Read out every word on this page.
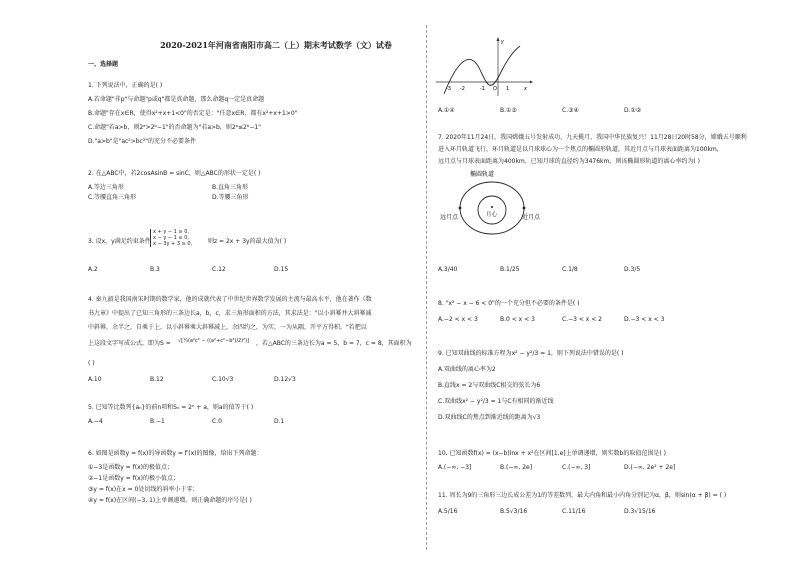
2020-2021年河南省南阳市高二（上）期末考试数学（文）试卷
一、选择题
1. 下列说法中，正确的是( )
A.若命题"非p"与命题"p或q"都是真命题，那么命题q一定是真命题
B.命题"存在x∈R，使得x²+x+1<0"的否定是："任意x∈R，都有x²+x+1>0"
C.命题"若a>b，则2ᵃ>2ᵇ−1"的否命题为"若a>b，则2ᵃ≤2ᵇ−1"
D."a>b"是"ac²>bc²"的充分不必要条件
2. 在△ABC中，若2cosAsinB = sinC，则△ABC的形状一定是( )
A.等边三角形	B.直角三角形
C.等腰直角三角形	D.等腰三角形
3. 设x，y满足约束条件
x + y − 1 ≥ 0,
x − y − 1 ≤ 0,
x − 3y + 3 ≥ 0,	则z = 2x + 3y的最大值为( )
A.2	B.3	C.12	D.15
4. 秦九韶是我国南宋时期的数学家，他的成就代表了中世纪世界数学发展的主流与最高水平，他在著作《数
书九章》中提出了已知三角形的三条边长a，b，c，求三角形面积的方法，其求法是："以小斜幂并大斜幂减
中斜幂，余半之，自乘于上，以小斜幂乘大斜幂减上，余四约之，为实，一为从隅，开平方得积。"若把以
上这段文字写成公式，即为S = √[¼(a²c² − ((a²+c²−b²)/2)²)] ，若△ABC的三条边长为a = 5，b = 7，c = 8，其面积为
( )
A.10	B.12	C.10√3	D.12√3
5. 已知等比数列{aₙ}的前n项和Sₙ = 2ⁿ + a，则a的值等于( )
A.−4	B.−1	C.0	D.1
6. 如图是函数y = f(x)的导函数y = f′(x)的图像，给出下列命题：
①−3是函数y = f(x)的极值点；
②−1是函数y = f(x)的极小值点；
③y = f(x)在x = 0处切线的斜率小于零；
④y = f(x)在区间(−3, 1)上单调递增。则正确命题的序号是( )
-3 -2	-1 O 1	x
y
A.①④	B.①③	C.③④	D.①②
7. 2020年11月24日，我国嫦娥五号发射成功，九天揽月，我国中华民族复兴！11月28日20时58分，嫦娥五号顺利
进入环月轨道飞行，环月轨道是以月球球心为一个焦点的椭圆形轨道，其近月点与月球表面距离为100km，
远月点与月球表面距离为400km，已知月球的直径约为3476km，则该椭圆形轨道的离心率约为( )
椭圆轨道
月心
远月点	近月点
A.3/40	B.1/25	C.1/8	D.3/5
8. "x² − x − 6 < 0"的一个充分但不必要的条件是( )
A.−2 < x < 3	B.0 < x < 3	C.−3 < x < 2	D.−3 < x < 3
9. 已知双曲线的标准方程为x² − y²/3 = 1，则下列说法中错误的是( )
A.双曲线的离心率为2
B.直线x = 2与双曲线C相交的弦长为6
C.双曲线x² − y²/3 = 1与C有相同的渐近线
D.双曲线C的焦点到渐近线的距离为√3
10. 已知函数f(x) = (x−b)lnx + x²在区间[1,e]上单调递增，则实数b的取值范围是( )
A.(−∞, −3]	B.(−∞, 2e]	C.(−∞, 3]	D.(−∞, 2e² + 2e]
11. 周长为9的三角形三边长成公差为1的等差数列，最大内角和最小内角分别记为α，β，则sin(α + β) = ( )
A.5/16	B.5√3/16	C.11/16	D.3√15/16
